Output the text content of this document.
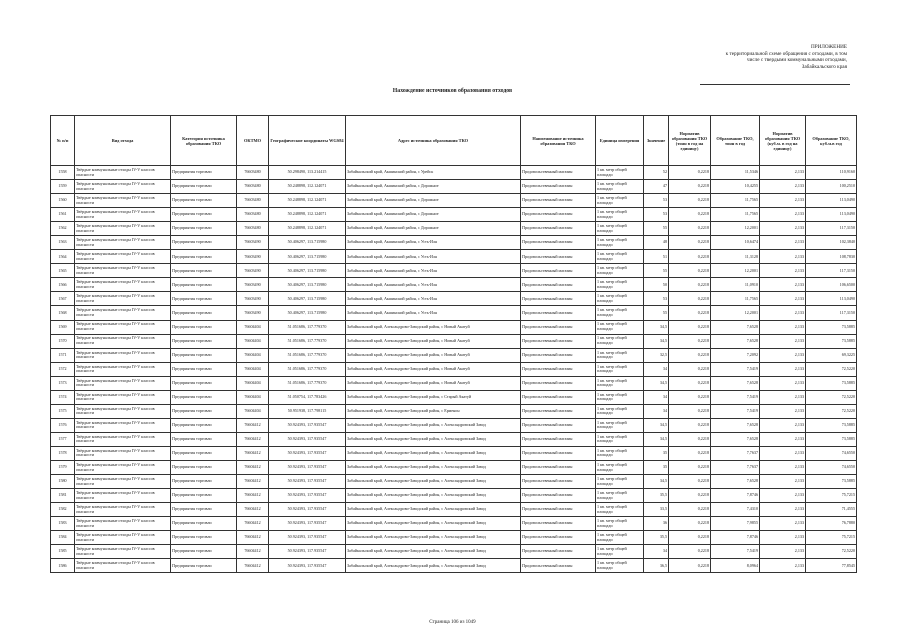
ПРИЛОЖЕНИЕ
к территориальной схеме обращения с отходами, в том
числе с твердыми коммунальными отходами,
Забайкальского края
Нахождение источников образования отходов
№ п/п	Вид отхода	Категория источника образования ТКО	ОКТМО	Географические координаты WGS84	Адрес источника образования ТКО	Наименование источника образования ТКО	Единица измерения	Значение	Норматив образования ТКО (тонн в год на единицу)	Образование ТКО, тонн в год	Норматив образования ТКО (куб.м. в год на единицу)	Образование ТКО, куб.м.в год
1558	Твёрдые коммунальные отходы IV-V классов опасности	Предприятия торговли	76603480	50.298490, 113.214415	Забайкальский край, Акшинский район, с Урейск	Продовольственный магазин	1 кв. метр общей площади	52	0,2218	11,5346	2,133	110,9160
1559	Твёрдые коммунальные отходы IV-V классов опасности	Предприятия торговли	76603480	50.248898, 112.124071	Забайкальский край, Акшинский район, с Дорожное	Продовольственный магазин	1 кв. метр общей площади	47	0,2218	10,4255	2,133	100,2510
1560	Твёрдые коммунальные отходы IV-V классов опасности	Предприятия торговли	76603480	50.248898, 112.124071	Забайкальский край, Акшинский район, с Дорожное	Продовольственный магазин	1 кв. метр общей площади	53	0,2218	11,7565	2,133	113,0490
1561	Твёрдые коммунальные отходы IV-V классов опасности	Предприятия торговли	76603480	50.248898, 112.124071	Забайкальский край, Акшинский район, с Дорожное	Продовольственный магазин	1 кв. метр общей площади	53	0,2218	11,7565	2,133	113,0490
1562	Твёрдые коммунальные отходы IV-V классов опасности	Предприятия торговли	76603480	50.248898, 112.124071	Забайкальский край, Акшинский район, с Дорожное	Продовольственный магазин	1 кв. метр общей площади	55	0,2218	12,2001	2,133	117,3150
1563	Твёрдые коммунальные отходы IV-V классов опасности	Предприятия торговли	76603490	50.406297, 113.715980	Забайкальский край, Акшинский район, с Усть-Иля	Продовольственный магазин	1 кв. метр общей площади	48	0,2218	10,6474	2,133	102,3840
1564	Твёрдые коммунальные отходы IV-V классов опасности	Предприятия торговли	76603490	50.406297, 113.715980	Забайкальский край, Акшинский район, с Усть-Иля	Продовольственный магазин	1 кв. метр общей площади	51	0,2218	11,3128	2,133	108,7830
1565	Твёрдые коммунальные отходы IV-V классов опасности	Предприятия торговли	76603490	50.406297, 113.715980	Забайкальский край, Акшинский район, с Усть-Иля	Продовольственный магазин	1 кв. метр общей площади	55	0,2218	12,2001	2,133	117,3150
1566	Твёрдые коммунальные отходы IV-V классов опасности	Предприятия торговли	76603490	50.406297, 113.715980	Забайкальский край, Акшинский район, с Усть-Иля	Продовольственный магазин	1 кв. метр общей площади	50	0,2218	11,0910	2,133	106,6500
1567	Твёрдые коммунальные отходы IV-V классов опасности	Предприятия торговли	76603490	50.406297, 113.715980	Забайкальский край, Акшинский район, с Усть-Иля	Продовольственный магазин	1 кв. метр общей площади	53	0,2218	11,7565	2,133	113,0490
1568	Твёрдые коммунальные отходы IV-V классов опасности	Предприятия торговли	76603490	50.406297, 113.715980	Забайкальский край, Акшинский район, с Усть-Иля	Продовольственный магазин	1 кв. метр общей площади	55	0,2218	12,2001	2,133	117,3150
1569	Твёрдые коммунальные отходы IV-V классов опасности	Предприятия торговли	76604404	51.051686, 117.779370	Забайкальский край, Александрово-Заводский район, с Новый Акатуй	Продовольственный магазин	1 кв. метр общей площади	34,5	0,2218	7,6528	2,133	73,5885
1570	Твёрдые коммунальные отходы IV-V классов опасности	Предприятия торговли	76604404	51.051686, 117.779370	Забайкальский край, Александрово-Заводский район, с Новый Акатуй	Продовольственный магазин	1 кв. метр общей площади	34,5	0,2218	7,6528	2,133	73,5885
1571	Твёрдые коммунальные отходы IV-V классов опасности	Предприятия торговли	76604404	51.051686, 117.779370	Забайкальский край, Александрово-Заводский район, с Новый Акатуй	Продовольственный магазин	1 кв. метр общей площади	32,5	0,2218	7,2092	2,133	69,3225
1572	Твёрдые коммунальные отходы IV-V классов опасности	Предприятия торговли	76604404	51.051686, 117.779370	Забайкальский край, Александрово-Заводский район, с Новый Акатуй	Продовольственный магазин	1 кв. метр общей площади	34	0,2218	7,5419	2,133	72,5220
1573	Твёрдые коммунальные отходы IV-V классов опасности	Предприятия торговли	76604404	51.051686, 117.779370	Забайкальский край, Александрово-Заводский район, с Новый Акатуй	Продовольственный магазин	1 кв. метр общей площади	34,5	0,2218	7,6528	2,133	73,5885
1574	Твёрдые коммунальные отходы IV-V классов опасности	Предприятия торговли	76604404	51.050754, 117.783426	Забайкальский край, Александрово-Заводский район, с Старый Акатуй	Продовольственный магазин	1 кв. метр общей площади	34	0,2218	7,5419	2,133	72,5220
1575	Твёрдые коммунальные отходы IV-V классов опасности	Предприятия торговли	76604404	50.951938, 117.798115	Забайкальский край, Александрово-Заводский район, с Ерменон	Продовольственный магазин	1 кв. метр общей площади	34	0,2218	7,5419	2,133	72,5220
1576	Твёрдые коммунальные отходы IV-V классов опасности	Предприятия торговли	76604412	50.924393, 117.935547	Забайкальский край, Александрово-Заводский район, с Александровский Завод	Продовольственный магазин	1 кв. метр общей площади	34,5	0,2218	7,6528	2,133	73,5885
1577	Твёрдые коммунальные отходы IV-V классов опасности	Предприятия торговли	76604412	50.924393, 117.935547	Забайкальский край, Александрово-Заводский район, с Александровский Завод	Продовольственный магазин	1 кв. метр общей площади	34,5	0,2218	7,6528	2,133	73,5885
1578	Твёрдые коммунальные отходы IV-V классов опасности	Предприятия торговли	76604412	50.924393, 117.935547	Забайкальский край, Александрово-Заводский район, с Александровский Завод	Продовольственный магазин	1 кв. метр общей площади	35	0,2218	7,7637	2,133	74,6550
1579	Твёрдые коммунальные отходы IV-V классов опасности	Предприятия торговли	76604412	50.924393, 117.935547	Забайкальский край, Александрово-Заводский район, с Александровский Завод	Продовольственный магазин	1 кв. метр общей площади	35	0,2218	7,7637	2,133	74,6550
1580	Твёрдые коммунальные отходы IV-V классов опасности	Предприятия торговли	76604412	50.924393, 117.935547	Забайкальский край, Александрово-Заводский район, с Александровский Завод	Продовольственный магазин	1 кв. метр общей площади	34,5	0,2218	7,6528	2,133	73,5885
1581	Твёрдые коммунальные отходы IV-V классов опасности	Предприятия торговли	76604412	50.924393, 117.935547	Забайкальский край, Александрово-Заводский район, с Александровский Завод	Продовольственный магазин	1 кв. метр общей площади	35,5	0,2218	7,8746	2,133	75,7215
1582	Твёрдые коммунальные отходы IV-V классов опасности	Предприятия торговли	76604412	50.924393, 117.935547	Забайкальский край, Александрово-Заводский район, с Александровский Завод	Продовольственный магазин	1 кв. метр общей площади	33,5	0,2218	7,4310	2,133	71,4555
1583	Твёрдые коммунальные отходы IV-V классов опасности	Предприятия торговли	76604412	50.924393, 117.935547	Забайкальский край, Александрово-Заводский район, с Александровский Завод	Продовольственный магазин	1 кв. метр общей площади	36	0,2218	7,9855	2,133	76,7880
1584	Твёрдые коммунальные отходы IV-V классов опасности	Предприятия торговли	76604412	50.924393, 117.935547	Забайкальский край, Александрово-Заводский район, с Александровский Завод	Продовольственный магазин	1 кв. метр общей площади	35,5	0,2218	7,8746	2,133	75,7215
1585	Твёрдые коммунальные отходы IV-V классов опасности	Предприятия торговли	76604412	50.924393, 117.935547	Забайкальский край, Александрово-Заводский район, с Александровский Завод	Продовольственный магазин	1 кв. метр общей площади	34	0,2218	7,5419	2,133	72,5220
1586	Твёрдые коммунальные отходы IV-V классов опасности	Предприятия торговли	76604412	50.924393, 117.935547	Забайкальский край, Александрово-Заводский район, с Александровский Завод	Продовольственный магазин	1 кв. метр общей площади	36,5	0,2218	8,0964	2,133	77,8545
Страница 106 из 1049
